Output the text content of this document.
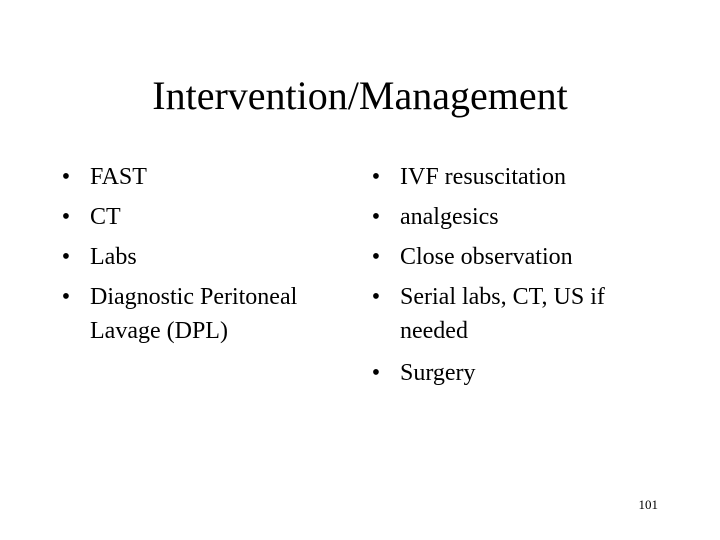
Intervention/Management
• FAST
• CT
• Labs
• Diagnostic Peritoneal Lavage (DPL)
• IVF resuscitation
• analgesics
• Close observation
• Serial labs, CT, US if needed
• Surgery
101
